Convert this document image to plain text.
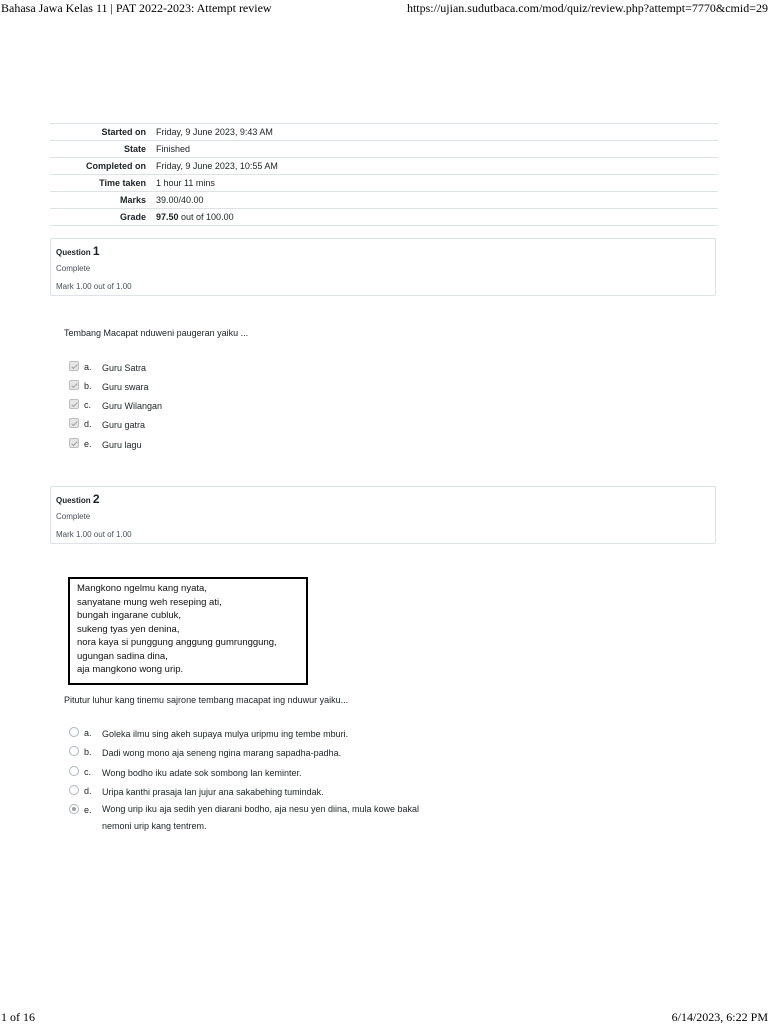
Bahasa Jawa Kelas 11 | PAT 2022-2023: Attempt review	https://ujian.sudutbaca.com/mod/quiz/review.php?attempt=7770&cmid=29
Started on	Friday, 9 June 2023, 9:43 AM
State	Finished
Completed on	Friday, 9 June 2023, 10:55 AM
Time taken	1 hour 11 mins
Marks	39.00/40.00
Grade	97.50 out of 100.00
Question 1
Complete
Mark 1.00 out of 1.00
Tembang Macapat nduweni paugeran yaiku ...
a.	Guru Satra
b.	Guru swara
c.	Guru Wilangan
d.	Guru gatra
e.	Guru lagu
Question 2
Complete
Mark 1.00 out of 1.00
Mangkono ngelmu kang nyata,
sanyatane mung weh reseping ati,
bungah ingarane cubluk,
sukeng tyas yen denina,
nora kaya si punggung anggung gumrunggung,
ugungan sadina dina,
aja mangkono wong urip.
Pitutur luhur kang tinemu sajrone tembang macapat ing nduwur yaiku...
a.	Goleka ilmu sing akeh supaya mulya uripmu ing tembe mburi.
b.	Dadi wong mono aja seneng ngina marang sapadha-padha.
c.	Wong bodho iku adate sok sombong lan keminter.
d.	Uripa kanthi prasaja lan jujur ana sakabehing tumindak.
e.	Wong urip iku aja sedih yen diarani bodho, aja nesu yen diina, mula kowe bakal nemoni urip kang tentrem.
1 of 16	6/14/2023, 6:22 PM
